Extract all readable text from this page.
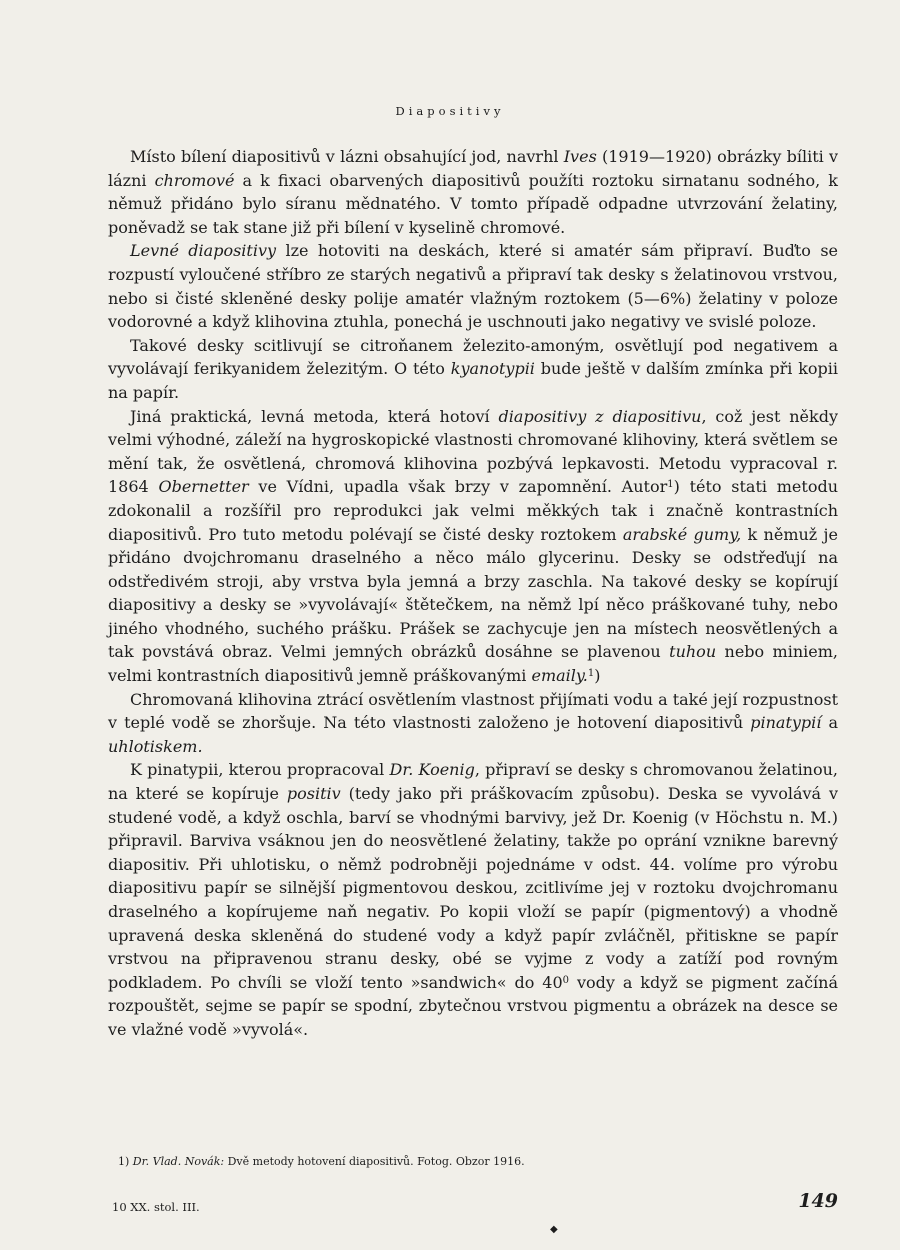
Diapositivy

Místo bílení diapositivů v lázni obsahující jod, navrhl Ives (1919—1920) obrázky bíliti v lázni chromové a k fixaci obarvených diapositivů použíti roztoku sirnatanu sodného, k němuž přidáno bylo síranu mědnatého. V tomto případě odpadne utvrzování želatiny, poněvadž se tak stane již při bílení v kyselině chromové.

Levné diapositivy lze hotoviti na deskách, které si amatér sám připraví. Buďto se rozpustí vyloučené stříbro ze starých negativů a připraví tak desky s želatinovou vrstvou, nebo si čisté skleněné desky polije amatér vlažným roztokem (5—6%) želatiny v poloze vodorovné a když klihovina ztuhla, ponechá je uschnouti jako negativy ve svislé poloze.

Takové desky scitlivují se citroňanem železito-amoným, osvětlují pod negativem a vyvolávají ferikyanidem železitým. O této kyanotypii bude ještě v dalším zmínka při kopii na papír.

Jiná praktická, levná metoda, která hotoví diapositivy z diapositivu, což jest někdy velmi výhodné, záleží na hygroskopické vlastnosti chromované klihoviny, která světlem se mění tak, že osvětlená, chromová klihovina pozbývá lepkavosti. Metodu vypracoval r. 1864 Obernetter ve Vídni, upadla však brzy v zapomnění. Autor$^1$) této stati metodu zdokonalil a rozšířil pro reprodukci jak velmi měkkých tak i značně kontrastních diapositivů. Pro tuto metodu polévají se čisté desky roztokem arabské gumy, k němuž je přidáno dvojchromanu draselného a něco málo glycerinu. Desky se odstřeďují na odstředivém stroji, aby vrstva byla jemná a brzy zaschla. Na takové desky se kopírují diapositivy a desky se »vyvolávají« štětečkem, na němž lpí něco práškované tuhy, nebo jiného vhodného, suchého prášku. Prášek se zachycuje jen na místech neosvětlených a tak povstává obraz. Velmi jemných obrázků dosáhne se plavenou tuhou nebo miniem, velmi kontrastních diapositivů jemně práškovanými emaily.$^1$)

Chromovaná klihovina ztrácí osvětlením vlastnost přijímati vodu a také její rozpustnost v teplé vodě se zhoršuje. Na této vlastnosti založeno je hotovení diapositivů pinatypií a uhlotiskem.

K pinatypii, kterou propracoval Dr. Koenig, připraví se desky s chromovanou želatinou, na které se kopíruje positiv (tedy jako při práškovacím způsobu). Deska se vyvolává v studené vodě, a když oschla, barví se vhodnými barvivy, jež Dr. Koenig (v Höchstu n. M.) připravil. Barviva vsáknou jen do neosvětlené želatiny, takže po oprání vznikne barevný diapositiv. Při uhlotisku, o němž podrobněji pojednáme v odst. 44. volíme pro výrobu diapositivu papír se silnější pigmentovou deskou, zcitlivíme jej v roztoku dvojchromanu draselného a kopírujeme naň negativ. Po kopii vloží se papír (pigmentový) a vhodně upravená deska skleněná do studené vody a když papír zvláčněl, přitiskne se papír vrstvou na připravenou stranu desky, obé se vyjme z vody a zatíží pod rovným podkladem. Po chvíli se vloží tento »sandwich« do $40^0$ vody a když se pigment začíná rozpouštět, sejme se papír se spodní, zbytečnou vrstvou pigmentu a obrázek na desce se ve vlažné vodě »vyvolá«.

1) Dr. Vlad. Novák: Dvě metody hotovení diapositivů. Fotog. Obzor 1916.
10 XX. stol. III.	149
◆
